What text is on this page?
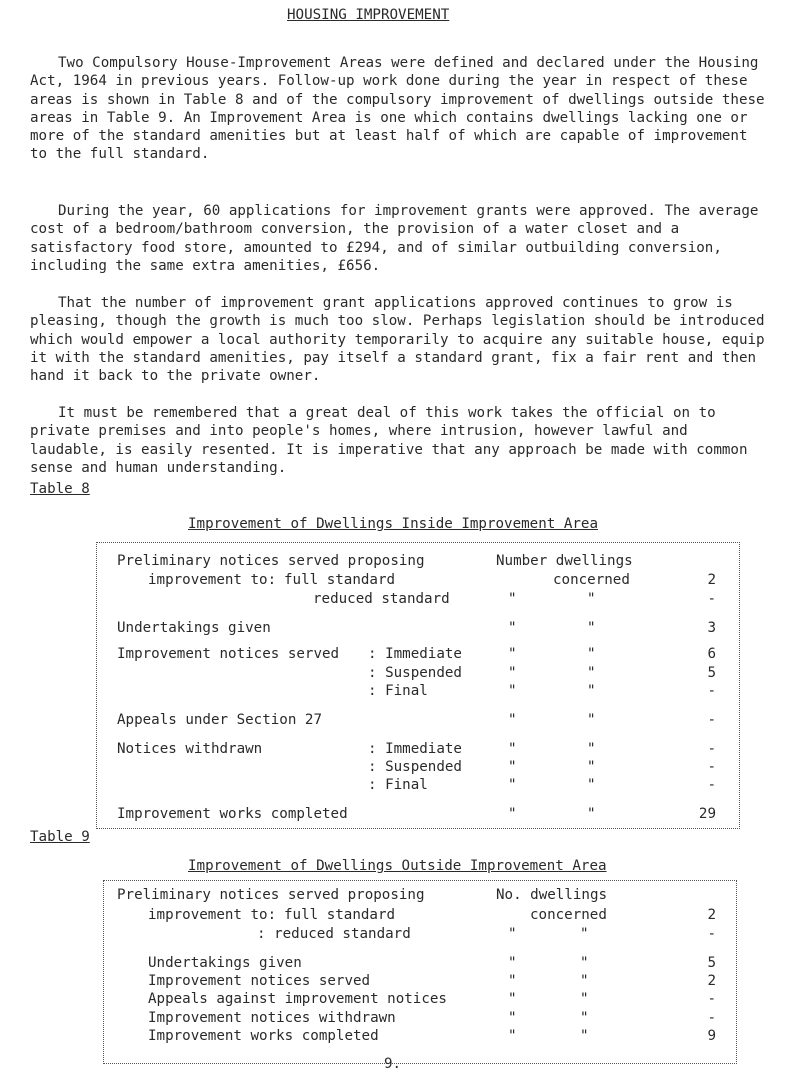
HOUSING IMPROVEMENT
Two Compulsory House-Improvement Areas were defined and declared under the Housing Act, 1964 in previous years. Follow-up work done during the year in respect of these areas is shown in Table 8 and of the compulsory improvement of dwellings outside these areas in Table 9. An Improvement Area is one which contains dwellings lacking one or more of the standard amenities but at least half of which are capable of improvement to the full standard.
During the year, 60 applications for improvement grants were approved. The average cost of a bedroom/bathroom conversion, the provision of a water closet and a satisfactory food store, amounted to £294, and of similar outbuilding conversion, including the same extra amenities, £656.
That the number of improvement grant applications approved continues to grow is pleasing, though the growth is much too slow. Perhaps legislation should be introduced which would empower a local authority temporarily to acquire any suitable house, equip it with the standard amenities, pay itself a standard grant, fix a fair rent and then hand it back to the private owner.
It must be remembered that a great deal of this work takes the official on to private premises and into people's homes, where intrusion, however lawful and laudable, is easily resented. It is imperative that any approach be made with common sense and human understanding.
Table 8
Improvement of Dwellings Inside Improvement Area
Preliminary notices served proposing	Number dwellings
improvement to: full standard	concerned	2
reduced standard	"	"	-
Undertakings given	"	"	3
Improvement notices served : Immediate	"	"	6
: Suspended	"	"	5
: Final	"	"	-
Appeals under Section 27	"	"	-
Notices withdrawn	: Immediate	"	"	-
: Suspended	"	"	-
: Final	"	"	-
Improvement works completed	"	"	29
Table 9
Improvement of Dwellings Outside Improvement Area
Preliminary notices served proposing	No. dwellings
improvement to: full standard	concerned	2
: reduced standard	"	"	-
Undertakings given	"	"	5
Improvement notices served	"	"	2
Appeals against improvement notices	"	"	-
Improvement notices withdrawn	"	"	-
Improvement works completed	"	"	9
9.
